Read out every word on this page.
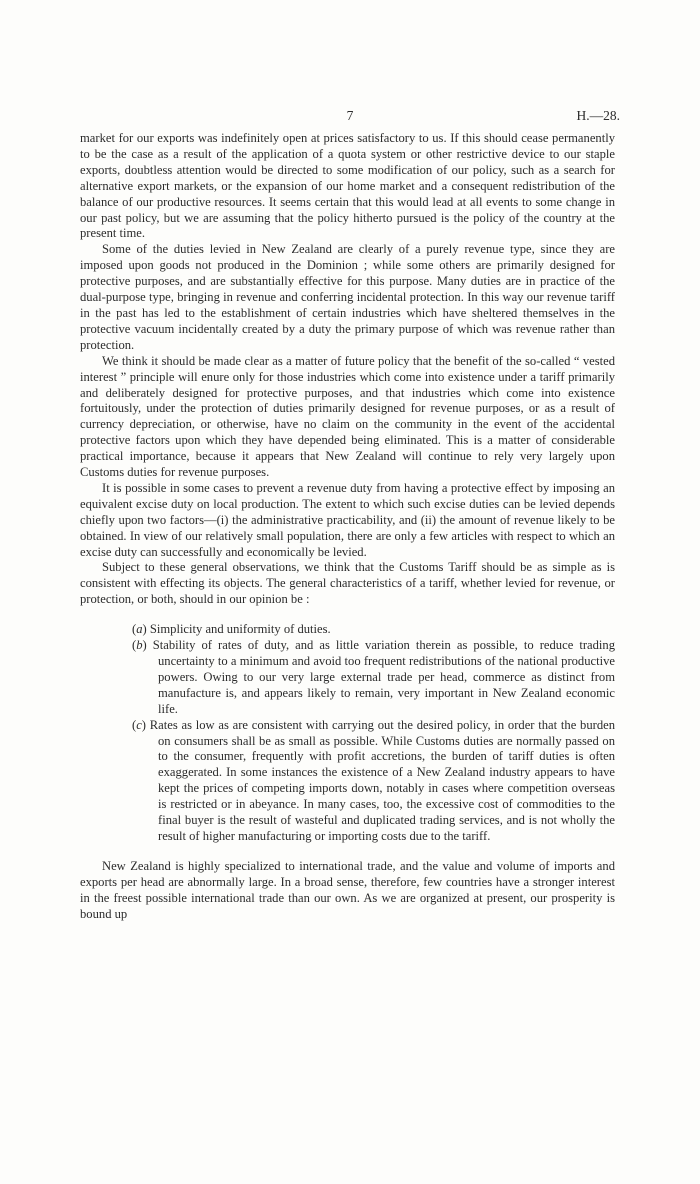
7	H.—28.

market for our exports was indefinitely open at prices satisfactory to us. If this should cease permanently to be the case as a result of the application of a quota system or other restrictive device to our staple exports, doubtless attention would be directed to some modification of our policy, such as a search for alternative export markets, or the expansion of our home market and a consequent redistribution of the balance of our productive resources. It seems certain that this would lead at all events to some change in our past policy, but we are assuming that the policy hitherto pursued is the policy of the country at the present time.

Some of the duties levied in New Zealand are clearly of a purely revenue type, since they are imposed upon goods not produced in the Dominion ; while some others are primarily designed for protective purposes, and are substantially effective for this purpose. Many duties are in practice of the dual-purpose type, bringing in revenue and conferring incidental protection. In this way our revenue tariff in the past has led to the establishment of certain industries which have sheltered themselves in the protective vacuum incidentally created by a duty the primary purpose of which was revenue rather than protection.

We think it should be made clear as a matter of future policy that the benefit of the so-called “ vested interest ” principle will enure only for those industries which come into existence under a tariff primarily and deliberately designed for protective purposes, and that industries which come into existence fortuitously, under the protection of duties primarily designed for revenue purposes, or as a result of currency depreciation, or otherwise, have no claim on the community in the event of the accidental protective factors upon which they have depended being eliminated. This is a matter of considerable practical importance, because it appears that New Zealand will continue to rely very largely upon Customs duties for revenue purposes.

It is possible in some cases to prevent a revenue duty from having a protective effect by imposing an equivalent excise duty on local production. The extent to which such excise duties can be levied depends chiefly upon two factors—(i) the administrative practicability, and (ii) the amount of revenue likely to be obtained. In view of our relatively small population, there are only a few articles with respect to which an excise duty can successfully and economically be levied.

Subject to these general observations, we think that the Customs Tariff should be as simple as is consistent with effecting its objects. The general characteristics of a tariff, whether levied for revenue, or protection, or both, should in our opinion be :

(a) Simplicity and uniformity of duties.
(b) Stability of rates of duty, and as little variation therein as possible, to reduce trading uncertainty to a minimum and avoid too frequent redistributions of the national productive powers. Owing to our very large external trade per head, commerce as distinct from manufacture is, and appears likely to remain, very important in New Zealand economic life.
(c) Rates as low as are consistent with carrying out the desired policy, in order that the burden on consumers shall be as small as possible. While Customs duties are normally passed on to the consumer, frequently with profit accretions, the burden of tariff duties is often exaggerated. In some instances the existence of a New Zealand industry appears to have kept the prices of competing imports down, notably in cases where competition overseas is restricted or in abeyance. In many cases, too, the excessive cost of commodities to the final buyer is the result of wasteful and duplicated trading services, and is not wholly the result of higher manufacturing or importing costs due to the tariff.

New Zealand is highly specialized to international trade, and the value and volume of imports and exports per head are abnormally large. In a broad sense, therefore, few countries have a stronger interest in the freest possible international trade than our own. As we are organized at present, our prosperity is bound up
